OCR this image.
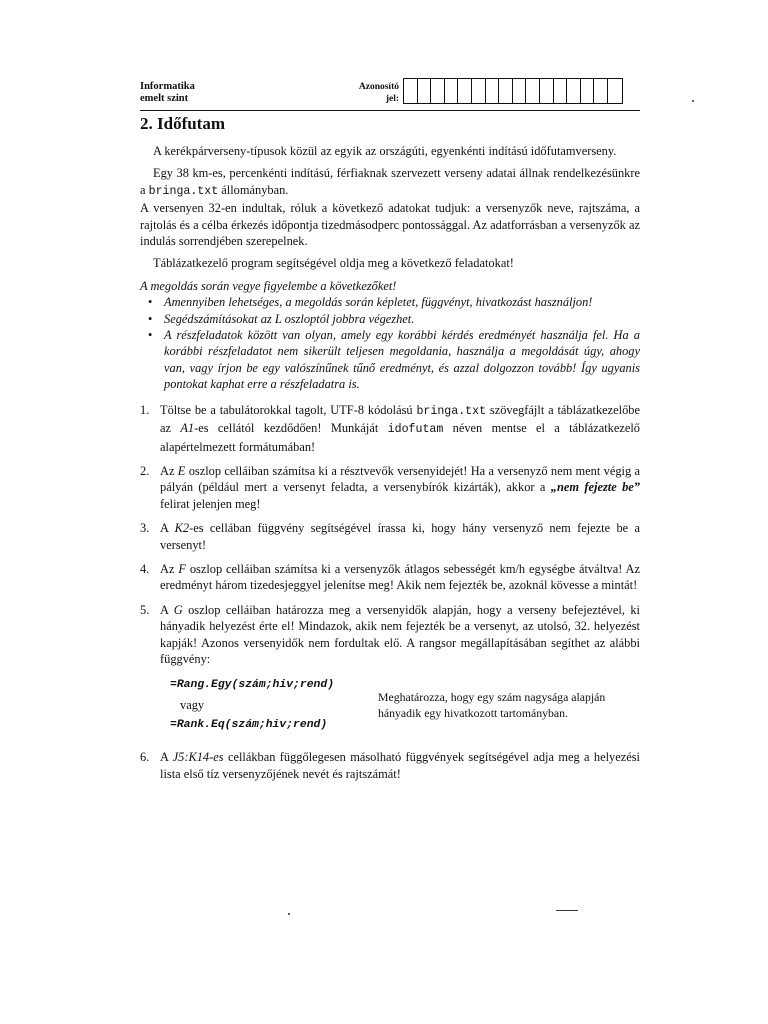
Informatika
emelt szint
Azonosító
jel:
2. Időfutam

A kerékpárverseny-típusok közül az egyik az országúti, egyenkénti indítású időfutamverseny.

Egy 38 km-es, percenkénti indítású, férfiaknak szervezett verseny adatai állnak rendelkezésünkre a bringa.txt állományban.

A versenyen 32-en indultak, róluk a következő adatokat tudjuk: a versenyzők neve, rajtszáma, a rajtolás és a célba érkezés időpontja tizedmásodperc pontossággal. Az adatforrásban a versenyzők az indulás sorrendjében szerepelnek.

Táblázatkezelő program segítségével oldja meg a következő feladatokat!

A megoldás során vegye figyelembe a következőket!

• Amennyiben lehetséges, a megoldás során képletet, függvényt, hivatkozást használjon!
• Segédszámításokat az L oszloptól jobbra végezhet.
• A részfeladatok között van olyan, amely egy korábbi kérdés eredményét használja fel. Ha a korábbi részfeladatot nem sikerült teljesen megoldania, használja a megoldását úgy, ahogy van, vagy írjon be egy valószínűnek tűnő eredményt, és azzal dolgozzon tovább! Így ugyanis pontokat kaphat erre a részfeladatra is.
1. Töltse be a tabulátorokkal tagolt, UTF-8 kódolású bringa.txt szövegfájlt a táblázatkezelőbe az A1-es cellától kezdődően! Munkáját idofutam néven mentse el a táblázatkezelő alapértelmezett formátumában!
2. Az E oszlop celláiban számítsa ki a résztvevők versenyidejét! Ha a versenyző nem ment végig a pályán (például mert a versenyt feladta, a versenybírók kizárták), akkor a „nem fejezte be” felirat jelenjen meg!
3. A K2-es cellában függvény segítségével írassa ki, hogy hány versenyző nem fejezte be a versenyt!
4. Az F oszlop celláiban számítsa ki a versenyzők átlagos sebességét km/h egységbe átváltva! Az eredményt három tizedesjeggyel jelenítse meg! Akik nem fejezték be, azoknál kövesse a mintát!
5. A G oszlop celláiban határozza meg a versenyidők alapján, hogy a verseny befejeztével, ki hányadik helyezést érte el! Mindazok, akik nem fejezték be a versenyt, az utolsó, 32. helyezést kapják! Azonos versenyidők nem fordultak elő. A rangsor megállapításában segíthet az alábbi függvény:
=Rang.Egy(szám;hiv;rend)
vagy
=Rank.Eq(szám;hiv;rend)
Meghatározza, hogy egy szám nagysága alapján hányadik egy hivatkozott tartományban.
6. A J5:K14-es cellákban függőlegesen másolható függvények segítségével adja meg a helyezési lista első tíz versenyzőjének nevét és rajtszámát!
